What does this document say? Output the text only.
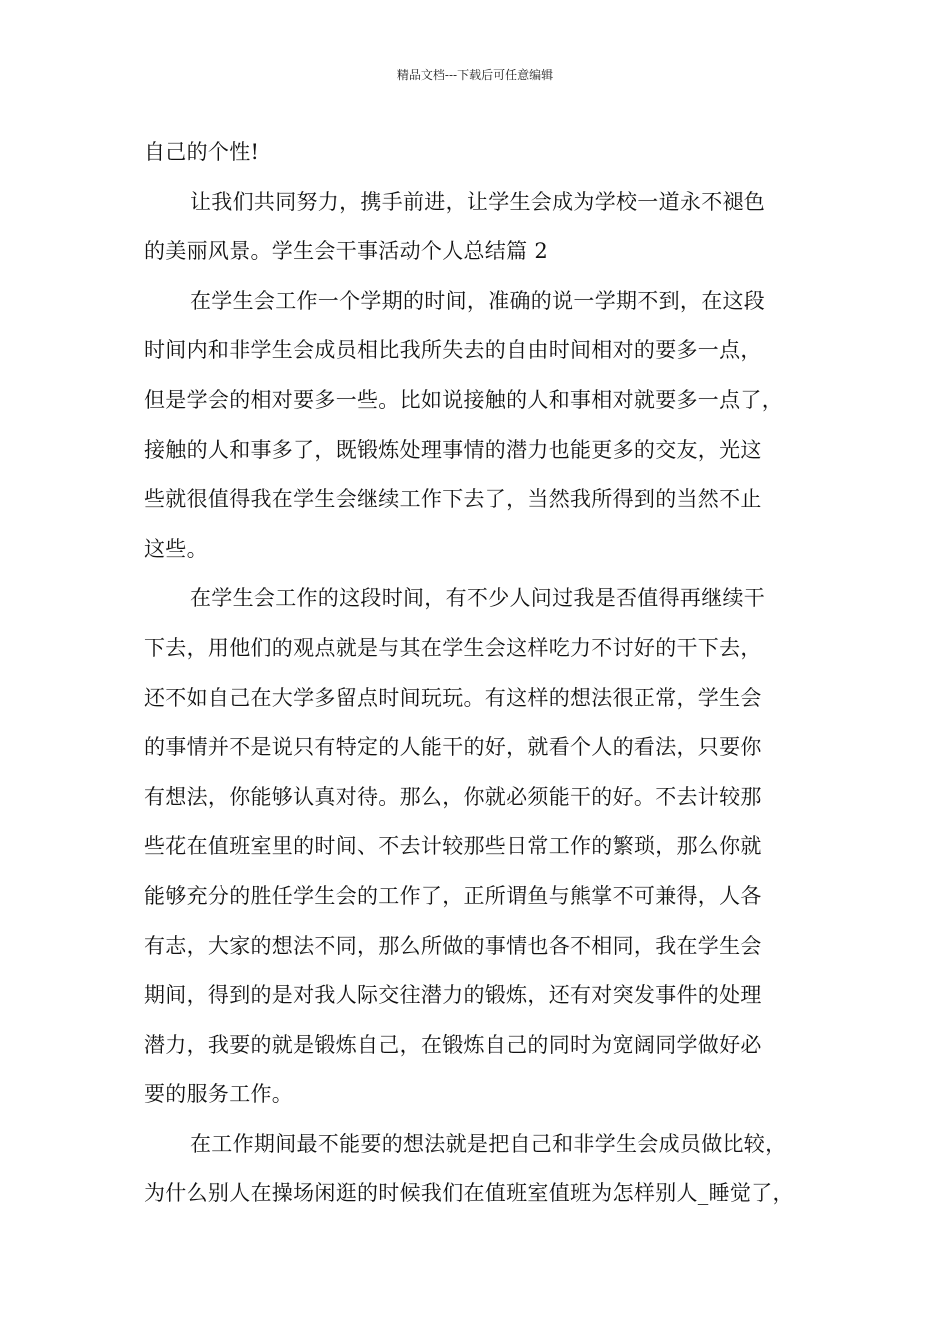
精品文档---下载后可任意编辑
自己的个性!
让我们共同努力，携手前进，让学生会成为学校一道永不褪色
的美丽风景。学生会干事活动个人总结篇 2
在学生会工作一个学期的时间，准确的说一学期不到，在这段
时间内和非学生会成员相比我所失去的自由时间相对的要多一点，
但是学会的相对要多一些。比如说接触的人和事相对就要多一点了，
接触的人和事多了，既锻炼处理事情的潜力也能更多的交友，光这
些就很值得我在学生会继续工作下去了，当然我所得到的当然不止
这些。
在学生会工作的这段时间，有不少人问过我是否值得再继续干
下去，用他们的观点就是与其在学生会这样吃力不讨好的干下去，
还不如自己在大学多留点时间玩玩。有这样的想法很正常，学生会
的事情并不是说只有特定的人能干的好，就看个人的看法，只要你
有想法，你能够认真对待。那么，你就必须能干的好。不去计较那
些花在值班室里的时间、不去计较那些日常工作的繁琐，那么你就
能够充分的胜任学生会的工作了，正所谓鱼与熊掌不可兼得，人各
有志，大家的想法不同，那么所做的事情也各不相同，我在学生会
期间，得到的是对我人际交往潜力的锻炼，还有对突发事件的处理
潜力，我要的就是锻炼自己，在锻炼自己的同时为宽阔同学做好必
要的服务工作。
在工作期间最不能要的想法就是把自己和非学生会成员做比较，
为什么别人在操场闲逛的时候我们在值班室值班为怎样别人_睡觉了，
